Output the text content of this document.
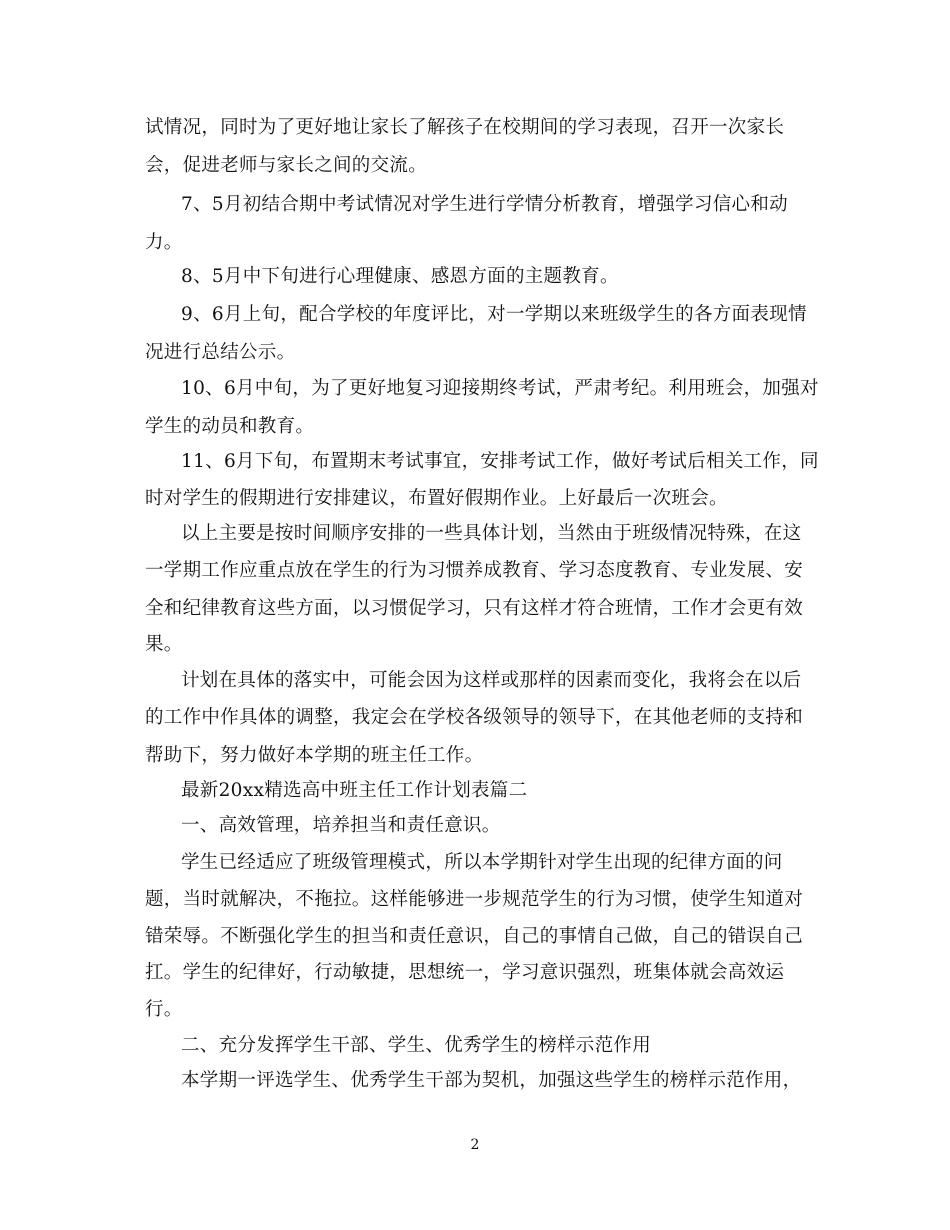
试情况，同时为了更好地让家长了解孩子在校期间的学习表现，召开一次家长
会，促进老师与家长之间的交流。
7、5月初结合期中考试情况对学生进行学情分析教育，增强学习信心和动
力。
8、5月中下旬进行心理健康、感恩方面的主题教育。
9、6月上旬，配合学校的年度评比，对一学期以来班级学生的各方面表现情
况进行总结公示。
10、6月中旬，为了更好地复习迎接期终考试，严肃考纪。利用班会，加强对
学生的动员和教育。
11、6月下旬，布置期末考试事宜，安排考试工作，做好考试后相关工作，同
时对学生的假期进行安排建议，布置好假期作业。上好最后一次班会。
以上主要是按时间顺序安排的一些具体计划，当然由于班级情况特殊，在这
一学期工作应重点放在学生的行为习惯养成教育、学习态度教育、专业发展、安
全和纪律教育这些方面，以习惯促学习，只有这样才符合班情，工作才会更有效
果。
计划在具体的落实中，可能会因为这样或那样的因素而变化，我将会在以后
的工作中作具体的调整，我定会在学校各级领导的领导下，在其他老师的支持和
帮助下，努力做好本学期的班主任工作。
最新20xx精选高中班主任工作计划表篇二
一、高效管理，培养担当和责任意识。
学生已经适应了班级管理模式，所以本学期针对学生出现的纪律方面的问
题，当时就解决，不拖拉。这样能够进一步规范学生的行为习惯，使学生知道对
错荣辱。不断强化学生的担当和责任意识，自己的事情自己做，自己的错误自己
扛。学生的纪律好，行动敏捷，思想统一，学习意识强烈，班集体就会高效运
行。
二、充分发挥学生干部、学生、优秀学生的榜样示范作用
本学期一评选学生、优秀学生干部为契机，加强这些学生的榜样示范作用，
2
